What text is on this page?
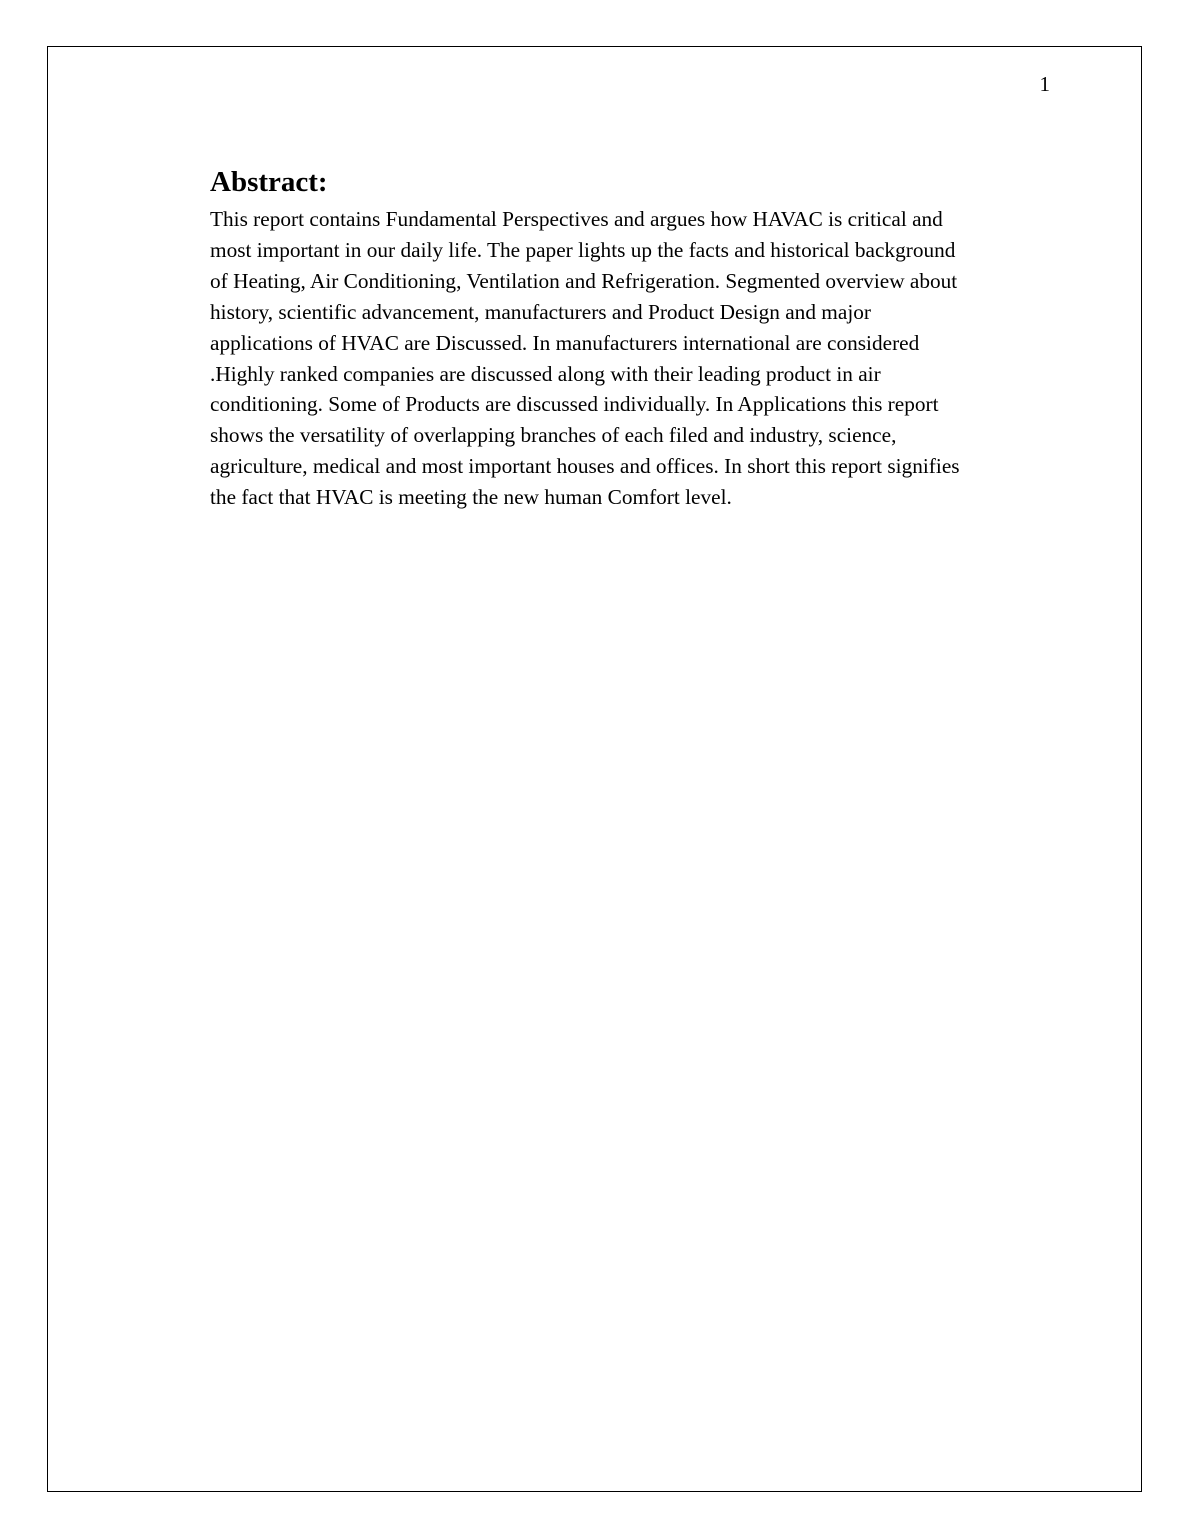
1
Abstract:
This report contains Fundamental Perspectives and argues how HAVAC is critical and
most important in our daily life. The paper lights up the facts and historical background
of Heating, Air Conditioning, Ventilation and Refrigeration. Segmented overview about
history, scientific advancement, manufacturers and Product Design and major
applications of HVAC are Discussed. In manufacturers international are considered
.Highly ranked companies are discussed along with their leading product in air
conditioning. Some of Products are discussed individually. In Applications this report
shows the versatility of overlapping branches of each filed and industry, science,
agriculture, medical and most important houses and offices. In short this report signifies
the fact that HVAC is meeting the new human Comfort level.
